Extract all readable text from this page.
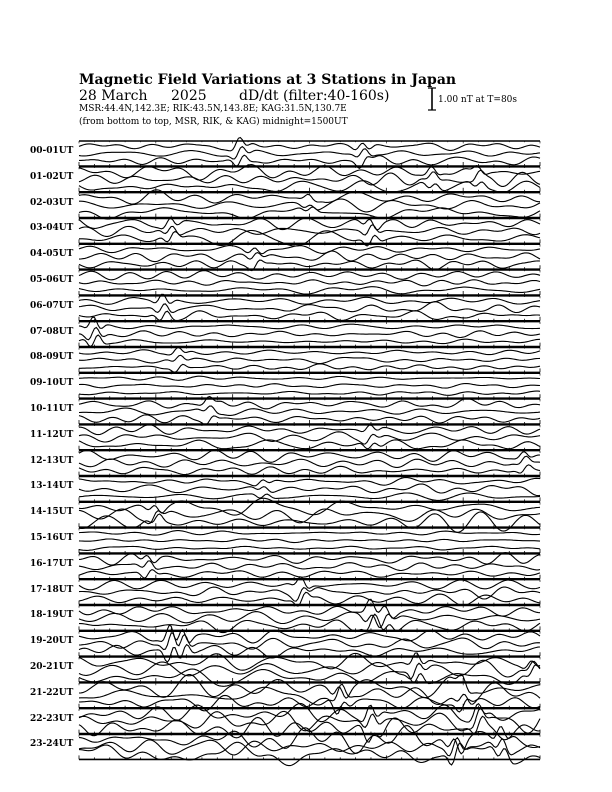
Magnetic Field Variations at 3 Stations in Japan
28 March 2025 dD/dt (filter:40-160s)
MSR:44.4N,142.3E; RIK:43.5N,143.8E; KAG:31.5N,130.7E
(from bottom to top, MSR, RIK, & KAG) midnight=1500UT
1.00 nT at T=80s
00-01UT
01-02UT
02-03UT
03-04UT
04-05UT
05-06UT
06-07UT
07-08UT
08-09UT
09-10UT
10-11UT
11-12UT
12-13UT
13-14UT
14-15UT
15-16UT
16-17UT
17-18UT
18-19UT
19-20UT
20-21UT
21-22UT
22-23UT
23-24UT
